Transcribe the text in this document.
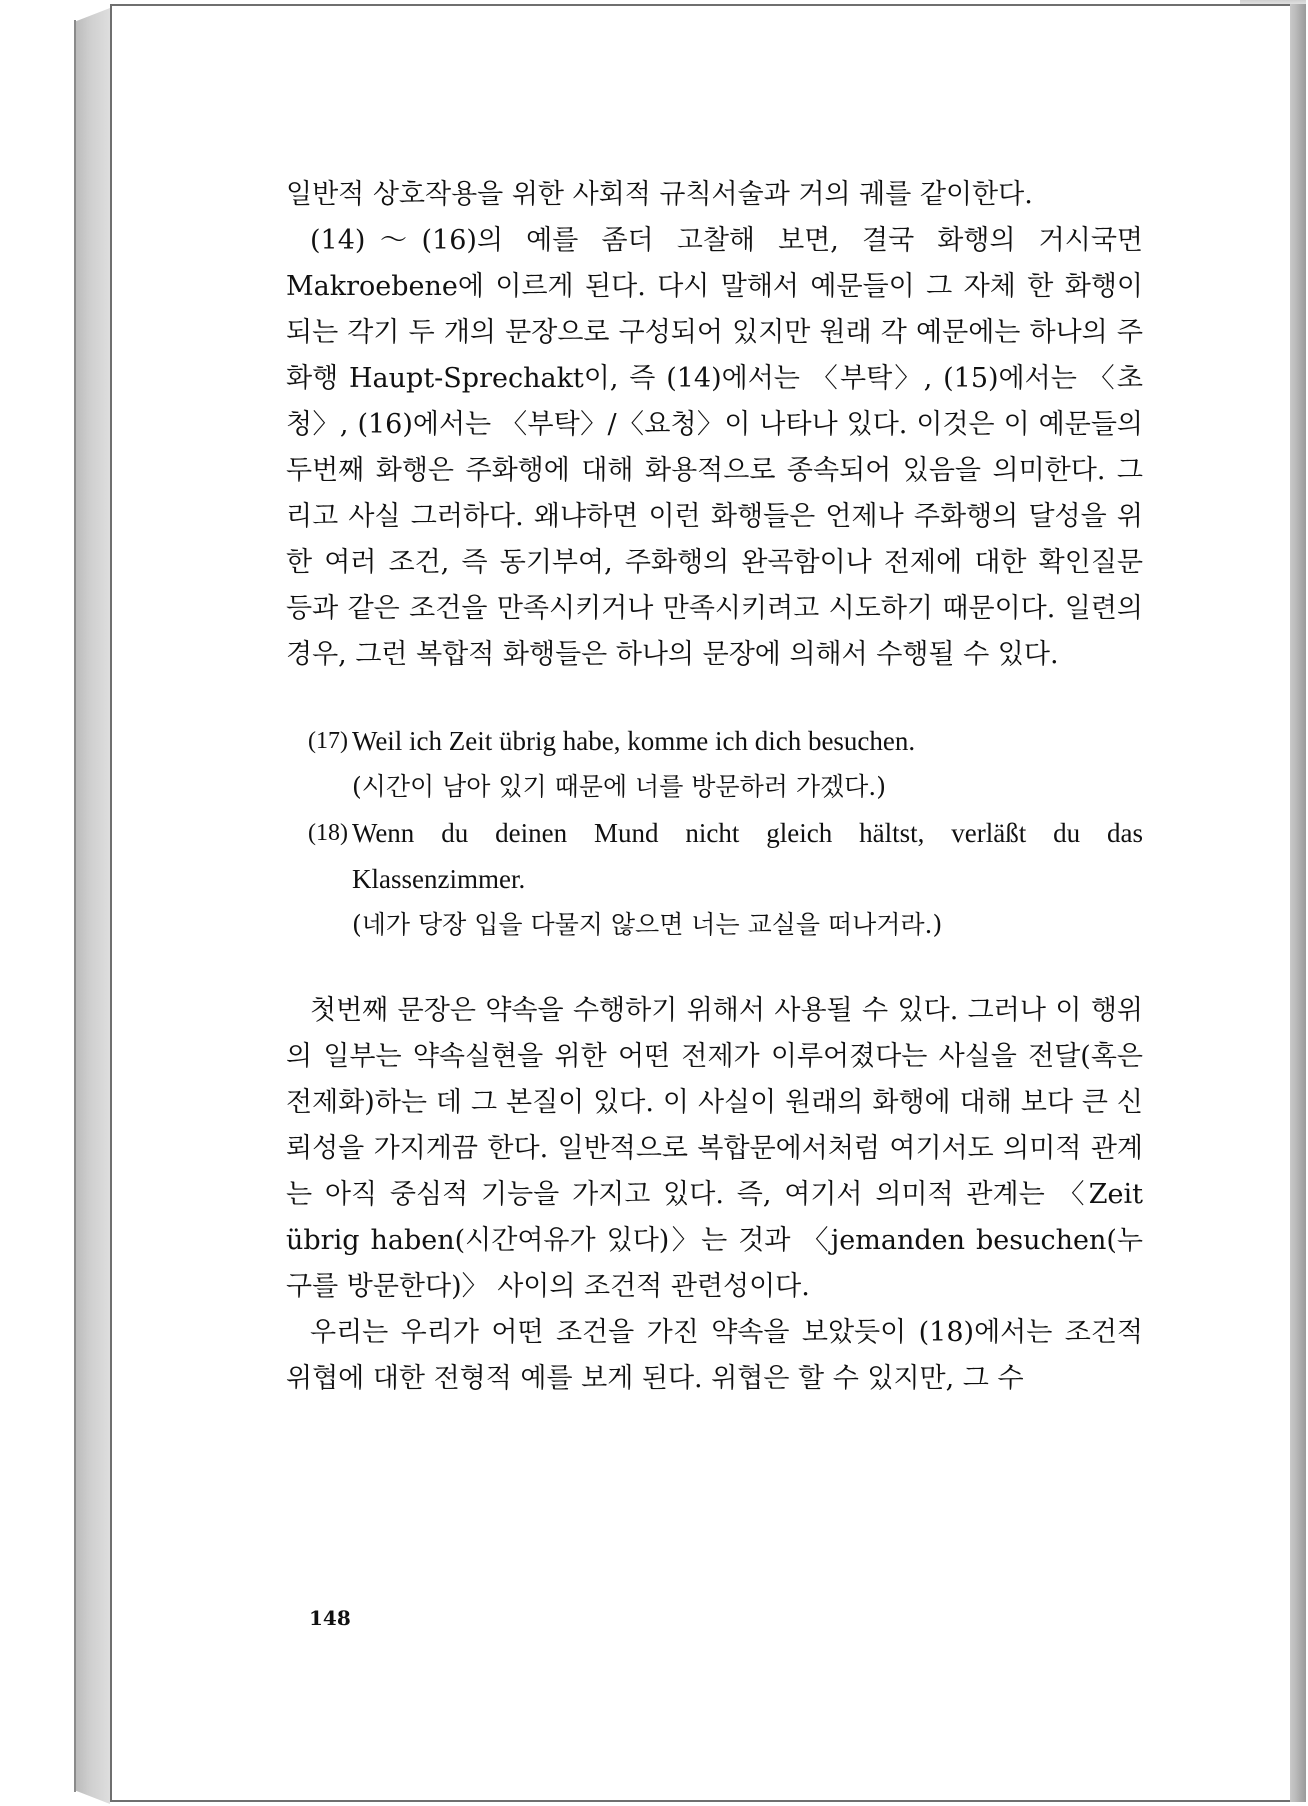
일반적 상호작용을 위한 사회적 규칙서술과 거의 궤를 같이한다.

(14)～(16)의 예를 좀더 고찰해 보면, 결국 화행의 거시국면 Makroebene에 이르게 된다. 다시 말해서 예문들이 그 자체 한 화행이 되는 각기 두 개의 문장으로 구성되어 있지만 원래 각 예문에는 하나의 주화행 Haupt-Sprechakt이, 즉 (14)에서는 〈부탁〉, (15)에서는 〈초청〉, (16)에서는 〈부탁〉/〈요청〉이 나타나 있다. 이것은 이 예문들의 두번째 화행은 주화행에 대해 화용적으로 종속되어 있음을 의미한다. 그리고 사실 그러하다. 왜냐하면 이런 화행들은 언제나 주화행의 달성을 위한 여러 조건, 즉 동기부여, 주화행의 완곡함이나 전제에 대한 확인질문 등과 같은 조건을 만족시키거나 만족시키려고 시도하기 때문이다. 일련의 경우, 그런 복합적 화행들은 하나의 문장에 의해서 수행될 수 있다.

(17) Weil ich Zeit übrig habe, komme ich dich besuchen.
(시간이 남아 있기 때문에 너를 방문하러 가겠다.)
(18) Wenn du deinen Mund nicht gleich hältst, verläßt du das
Klassenzimmer.
(네가 당장 입을 다물지 않으면 너는 교실을 떠나거라.)

첫번째 문장은 약속을 수행하기 위해서 사용될 수 있다. 그러나 이 행위의 일부는 약속실현을 위한 어떤 전제가 이루어졌다는 사실을 전달(혹은 전제화)하는 데 그 본질이 있다. 이 사실이 원래의 화행에 대해 보다 큰 신뢰성을 가지게끔 한다. 일반적으로 복합문에서처럼 여기서도 의미적 관계는 아직 중심적 기능을 가지고 있다. 즉, 여기서 의미적 관계는 〈Zeit übrig haben(시간여유가 있다)〉는 것과 〈jemanden besuchen(누구를 방문한다)〉 사이의 조건적 관련성이다.

우리는 우리가 어떤 조건을 가진 약속을 보았듯이 (18)에서는 조건적 위협에 대한 전형적 예를 보게 된다. 위협은 할 수 있지만, 그 수

148
